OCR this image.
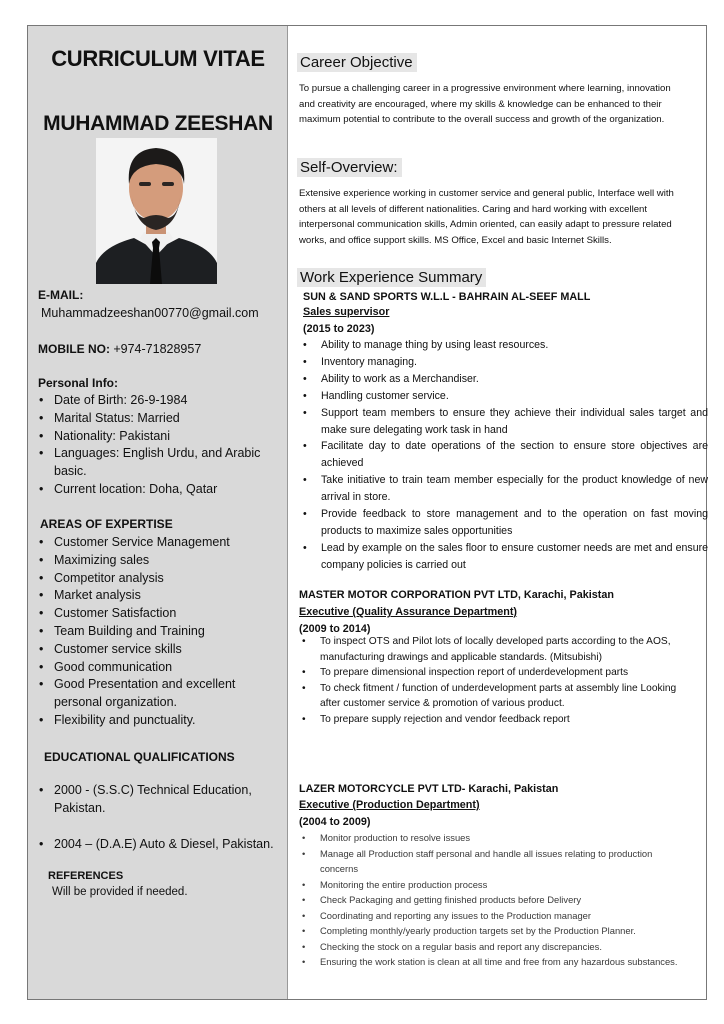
CURRICULUM VITAE
MUHAMMAD ZEESHAN
E-MAIL:
Muhammadzeeshan00770@gmail.com
MOBILE NO: +974-71828957
Personal Info:
• Date of Birth: 26-9-1984
• Marital Status: Married
• Nationality: Pakistani
• Languages: English Urdu, and Arabic basic.
• Current location: Doha, Qatar
AREAS OF EXPERTISE
• Customer Service Management
• Maximizing sales
• Competitor analysis
• Market analysis
• Customer Satisfaction
• Team Building and Training
• Customer service skills
• Good communication
• Good Presentation and excellent personal organization.
• Flexibility and punctuality.
EDUCATIONAL QUALIFICATIONS
• 2000 - (S.S.C) Technical Education, Pakistan.
• 2004 – (D.A.E) Auto & Diesel, Pakistan.
REFERENCES
Will be provided if needed.
Career Objective

To pursue a challenging career in a progressive environment where learning, innovation and creativity are encouraged, where my skills & knowledge can be enhanced to their maximum potential to contribute to the overall success and growth of the organization.

Self-Overview:

Extensive experience working in customer service and general public, Interface well with others at all levels of different nationalities. Caring and hard working with excellent interpersonal communication skills, Admin oriented, can easily adapt to pressure related works, and office support skills. MS Office, Excel and basic Internet Skills.

Work Experience Summary
SUN & SAND SPORTS W.L.L - BAHRAIN AL-SEEF MALL
Sales supervisor
(2015 to 2023)
• Ability to manage thing by using least resources.
• Inventory managing.
• Ability to work as a Merchandiser.
• Handling customer service.
• Support team members to ensure they achieve their individual sales target and make sure delegating work task in hand
• Facilitate day to date operations of the section to ensure store objectives are achieved
• Take initiative to train team member especially for the product knowledge of new arrival in store.
• Provide feedback to store management and to the operation on fast moving products to maximize sales opportunities
• Lead by example on the sales floor to ensure customer needs are met and ensure company policies is carried out
MASTER MOTOR CORPORATION PVT LTD, Karachi, Pakistan
Executive (Quality Assurance Department)
(2009 to 2014)
• To inspect OTS and Pilot lots of locally developed parts according to the AOS, manufacturing drawings and applicable standards. (Mitsubishi)
• To prepare dimensional inspection report of underdevelopment parts
• To check fitment / function of underdevelopment parts at assembly line Looking after customer service & promotion of various product.
• To prepare supply rejection and vendor feedback report
LAZER MOTORCYCLE PVT LTD- Karachi, Pakistan
Executive (Production Department)
(2004 to 2009)
• Monitor production to resolve issues
• Manage all Production staff personal and handle all issues relating to production concerns
• Monitoring the entire production process
• Check Packaging and getting finished products before Delivery
• Coordinating and reporting any issues to the Production manager
• Completing monthly/yearly production targets set by the Production Planner.
• Checking the stock on a regular basis and report any discrepancies.
• Ensuring the work station is clean at all time and free from any hazardous substances.
